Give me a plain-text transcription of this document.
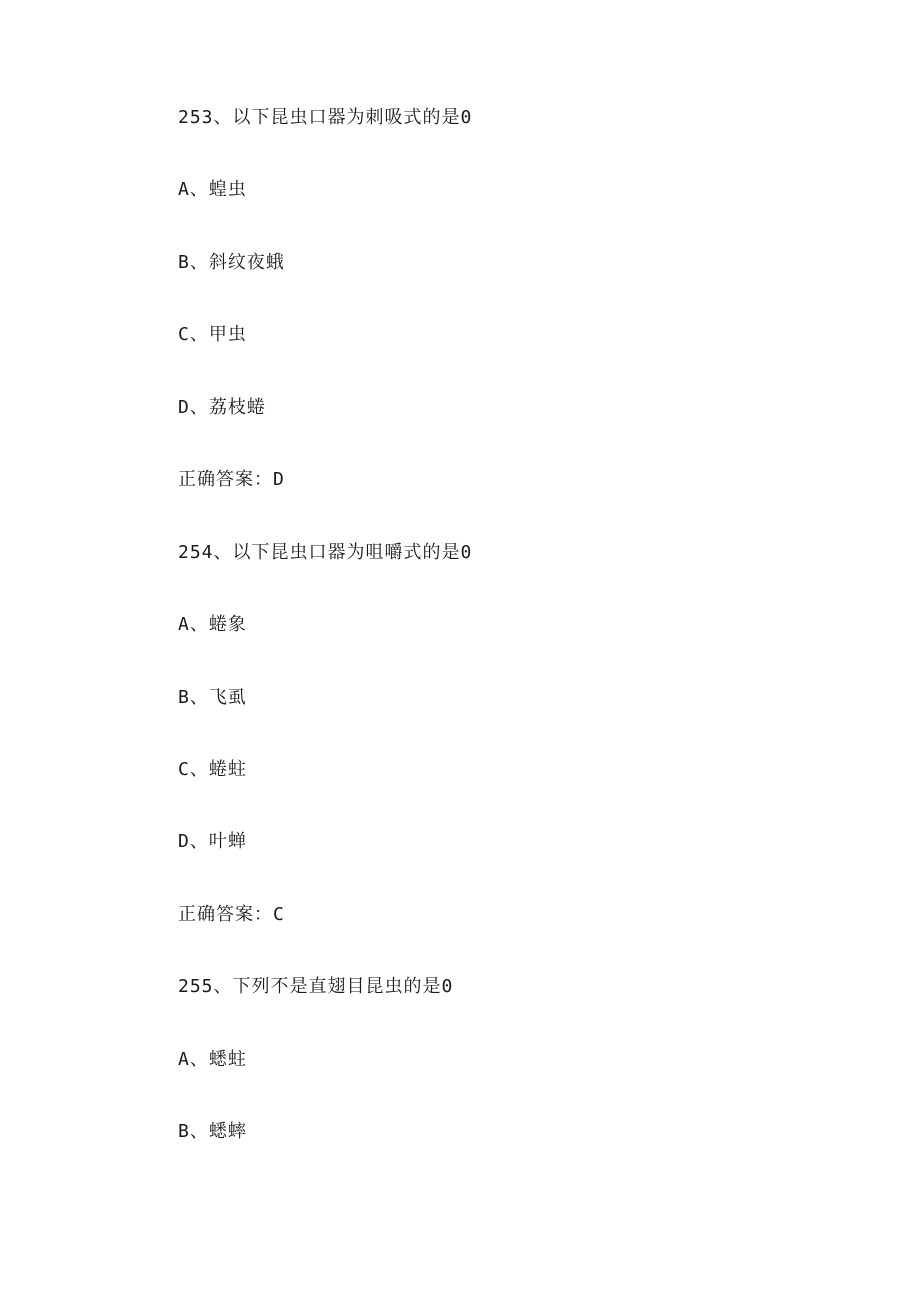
253、以下昆虫口器为刺吸式的是0
A、蝗虫
B、斜纹夜蛾
C、甲虫
D、荔枝蜷
正确答案：D
254、以下昆虫口器为咀嚼式的是0
A、蜷象
B、飞虱
C、蜷蛀
D、叶蝉
正确答案：C
255、下列不是直翅目昆虫的是0
A、蟋蛀
B、蟋蟀
